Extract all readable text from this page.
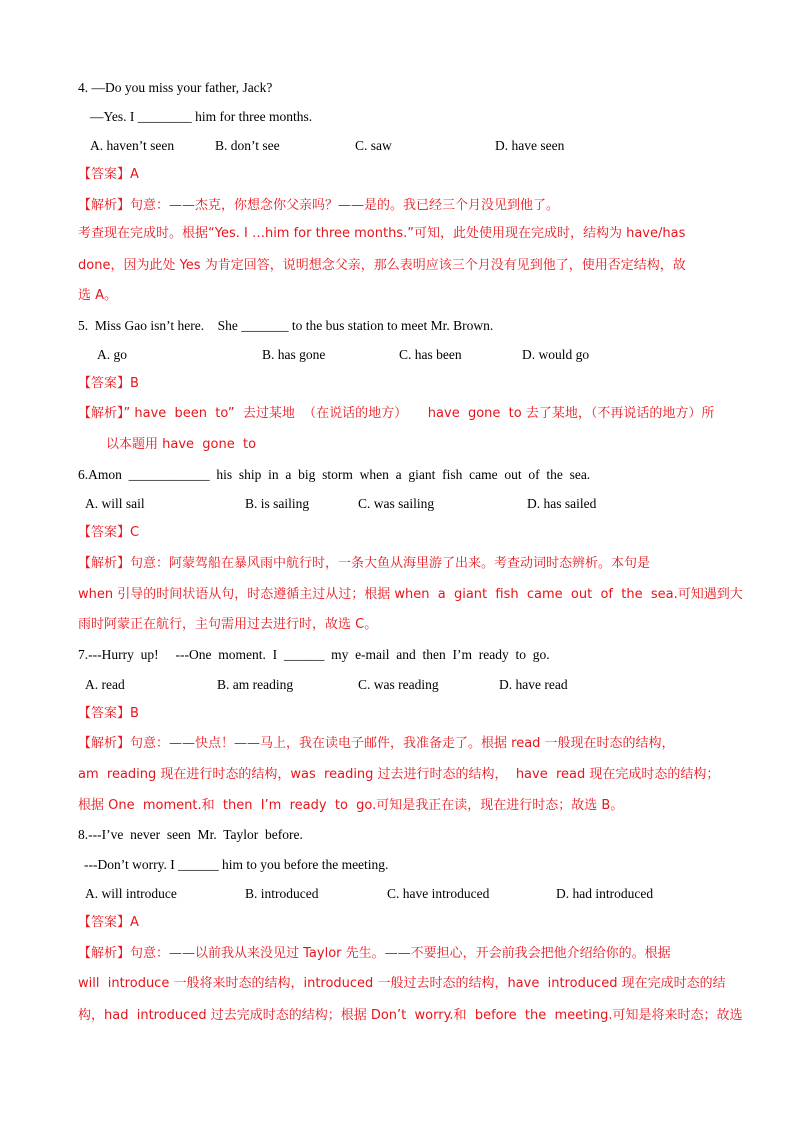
4. —Do you miss your father, Jack?
—Yes. I ________ him for three months.

A. haven’t seen

	B. don’t see

	C. saw

	D. have seen

【答案】A
【解析】句意：——杰克，你想念你父亲吗？——是的。我已经三个月没见到他了。
考查现在完成时。根据“Yes. I …him for three months.”可知，此处使用现在完成时，结构为 have/has
done，因为此处 Yes 为肯定回答，说明想念父亲，那么表明应该三个月没有见到他了，使用否定结构，故
选 A。
5.  Miss Gao isn’t here.    She _______ to the bus station to meet Mr. Brown.

A. go

	B. has gone

	C. has been

	D. would go

【答案】B
【解析】” have  been  to”  去过某地  （在说话的地方）     have  gone  to 去了某地，（不再说话的地方）所
以本题用 have  gone  to
6.Amon  ____________  his  ship  in  a  big  storm  when  a  giant  fish  came  out  of  the  sea.

A. will sail

	B. is sailing

	C. was sailing

	D. has sailed

【答案】C
【解析】句意：阿蒙驾船在暴风雨中航行时，一条大鱼从海里游了出来。考查动词时态辨析。本句是
when 引导的时间状语从句，时态遵循主过从过；根据 when  a  giant  fish  came  out  of  the  sea.可知遇到大
雨时阿蒙正在航行，主句需用过去进行时，故选 C。
7.---Hurry  up!     ---One  moment.  I  ______  my  e-mail  and  then  I’m  ready  to  go.

A. read

	B. am reading

	C. was reading

	D. have read

【答案】B
【解析】句意：——快点！——马上，我在读电子邮件，我准备走了。根据 read 一般现在时态的结构，
am  reading 现在进行时态的结构，was  reading 过去进行时态的结构，  have  read 现在完成时态的结构；
根据 One  moment.和  then  I’m  ready  to  go.可知是我正在读，现在进行时态；故选 B。
8.---I’ve  never  seen  Mr.  Taylor  before.
---Don’t worry. I ______ him to you before the meeting.

A. will introduce

	B. introduced

	C. have introduced

	D. had introduced

【答案】A
【解析】句意：——以前我从来没见过 Taylor 先生。——不要担心，开会前我会把他介绍给你的。根据
will  introduce 一般将来时态的结构，introduced 一般过去时态的结构，have  introduced 现在完成时态的结
构，had  introduced 过去完成时态的结构；根据 Don’t  worry.和  before  the  meeting.可知是将来时态；故选
